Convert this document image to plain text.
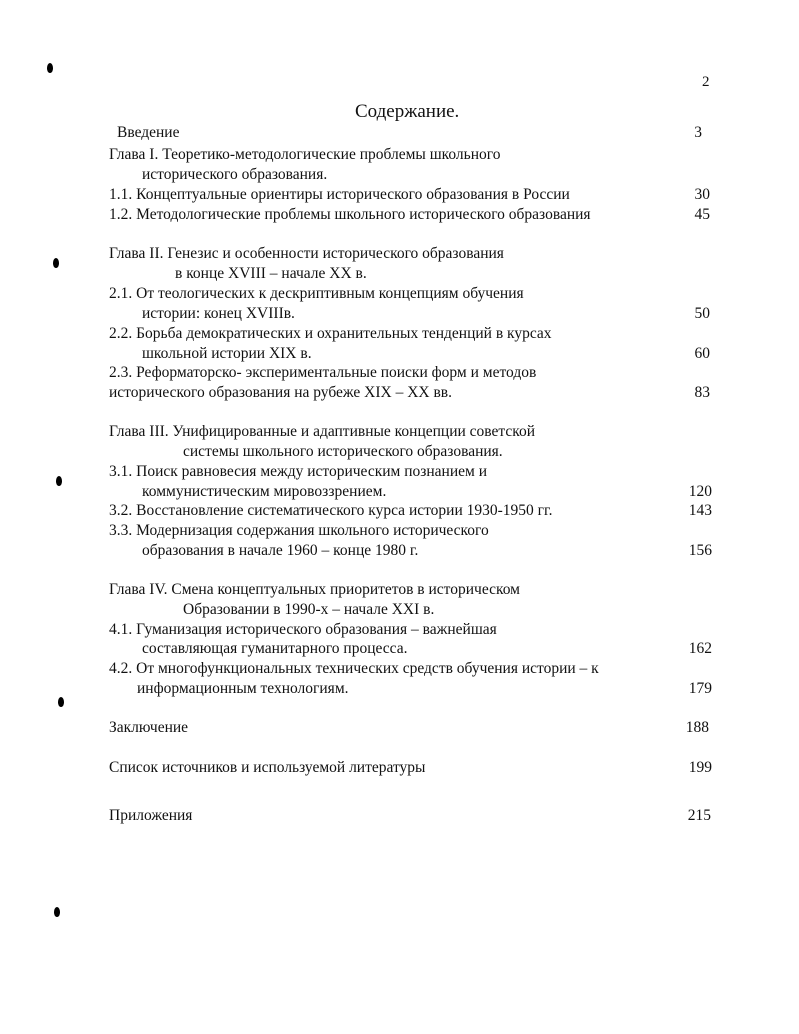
2
Содержание.
Введение	3
Глава I. Теоретико-методологические проблемы школьного
исторического образования.
1.1. Концептуальные ориентиры исторического образования в России	30
1.2. Методологические проблемы школьного исторического образования	45
Глава II. Генезис и особенности исторического образования
в конце XVIII – начале XX в.
2.1. От теологических к дескриптивным концепциям обучения
истории: конец XVIIIв.	50
2.2. Борьба демократических и охранительных тенденций в курсах
школьной истории XIX в.	60
2.3. Реформаторско- экспериментальные поиски форм и методов
исторического образования на рубеже XIX – XX вв.	83
Глава III. Унифицированные и адаптивные концепции советской
системы школьного исторического образования.
3.1. Поиск равновесия между историческим познанием и
коммунистическим мировоззрением.	120
3.2. Восстановление систематического курса истории 1930-1950 гг.	143
3.3. Модернизация содержания школьного исторического
образования в начале 1960 – конце 1980 г.	156
Глава IV. Смена концептуальных приоритетов в историческом
Образовании в 1990-х – начале XXI в.
4.1. Гуманизация исторического образования – важнейшая
составляющая гуманитарного процесса.	162
4.2. От многофункциональных технических средств обучения истории – к
информационным технологиям.	179
Заключение	188
Список источников и используемой литературы	199
Приложения	215
